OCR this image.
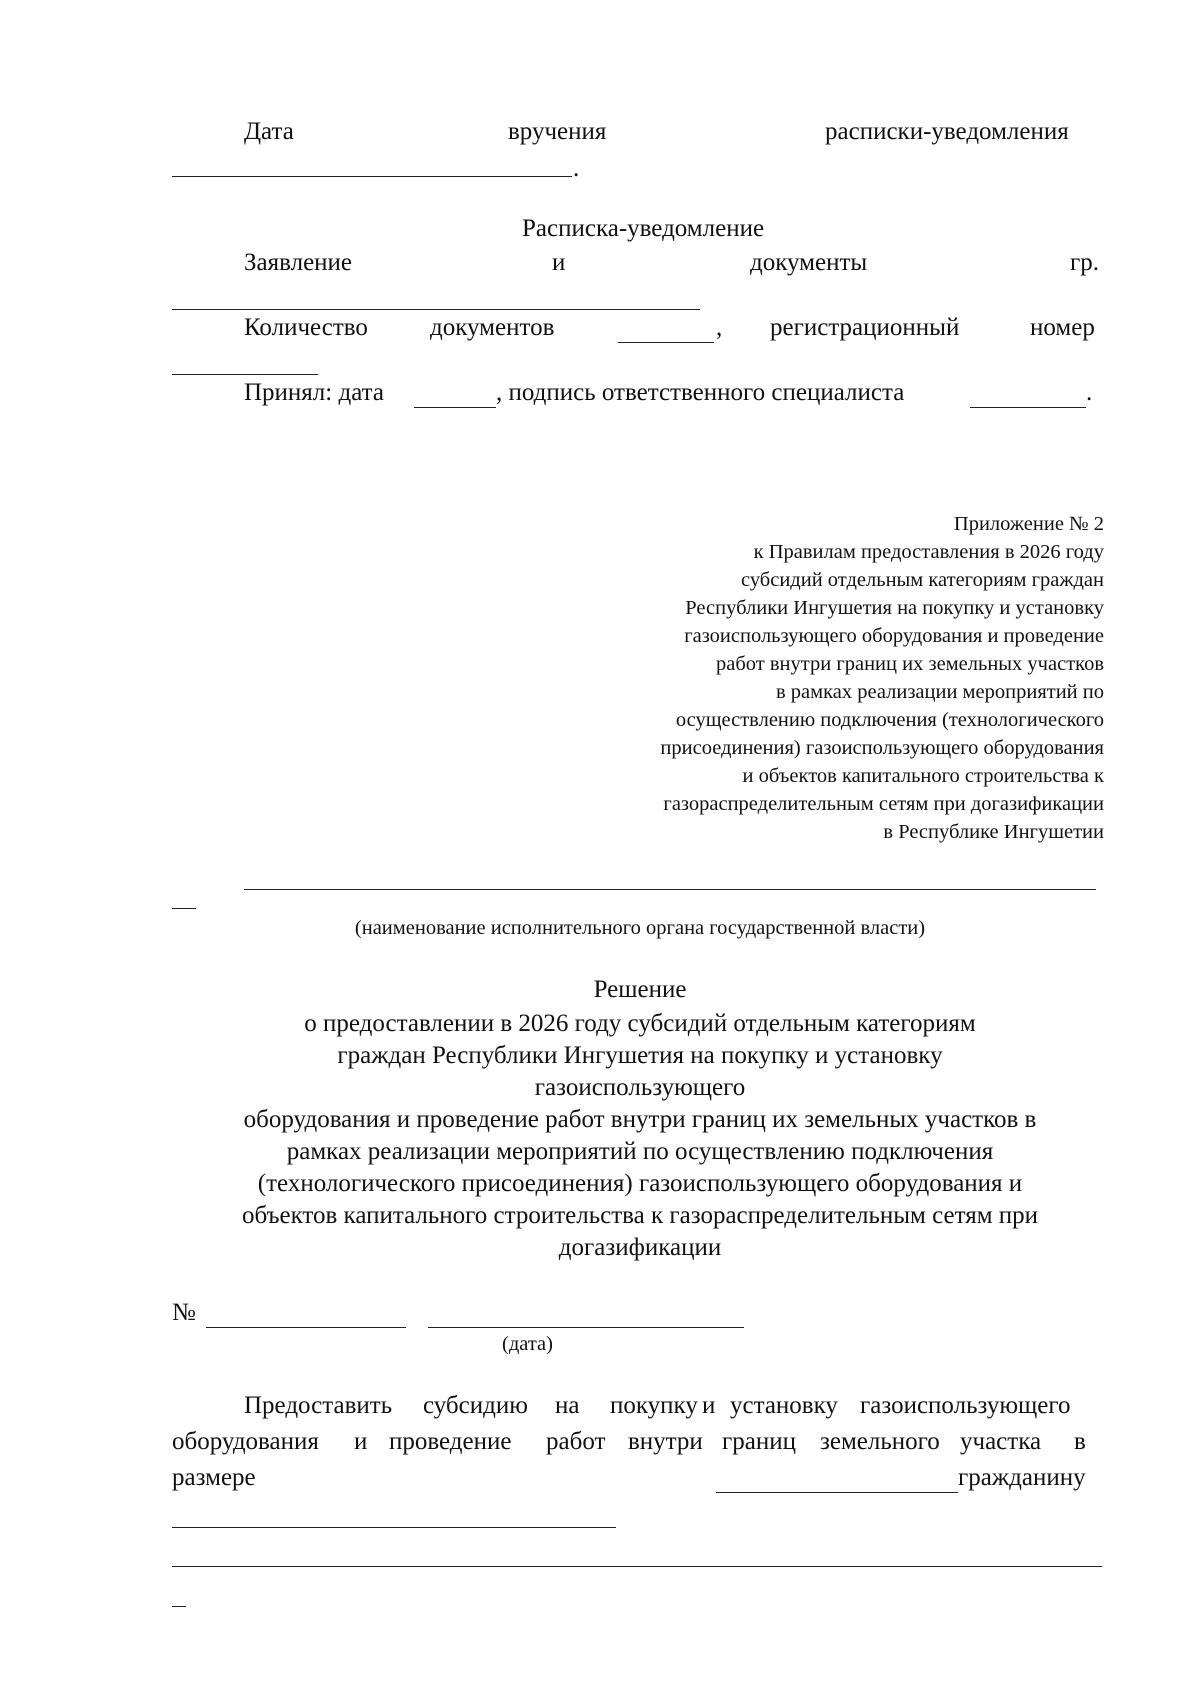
Дата	вручения	расписки-уведомления
.
Расписка-уведомление
Заявление	и	документы	гр.
Количество документов	, регистрационный	номер
Принял: дата	, подпись ответственного специалиста	.
Приложение № 2
к Правилам предоставления в 2026 году
субсидий отдельным категориям граждан
Республики Ингушетия на покупку и установку
газоиспользующего оборудования и проведение
работ внутри границ их земельных участков
в рамках реализации мероприятий по
осуществлению подключения (технологического
присоединения) газоиспользующего оборудования
и объектов капитального строительства к
газораспределительным сетям при догазификации
в Республике Ингушетии
(наименование исполнительного органа государственной власти)
Решение
о предоставлении в 2026 году субсидий отдельным категориям
граждан Республики Ингушетия на покупку и установку
газоиспользующего
оборудования и проведение работ внутри границ их земельных участков в
рамках реализации мероприятий по осуществлению подключения
(технологического присоединения) газоиспользующего оборудования и
объектов капитального строительства к газораспределительным сетям при
догазификации
№
(дата)
Предоставить субсидию на покупку и установку газоиспользующего
оборудования и проведение работ внутри границ земельного участка в
размере	гражданину
